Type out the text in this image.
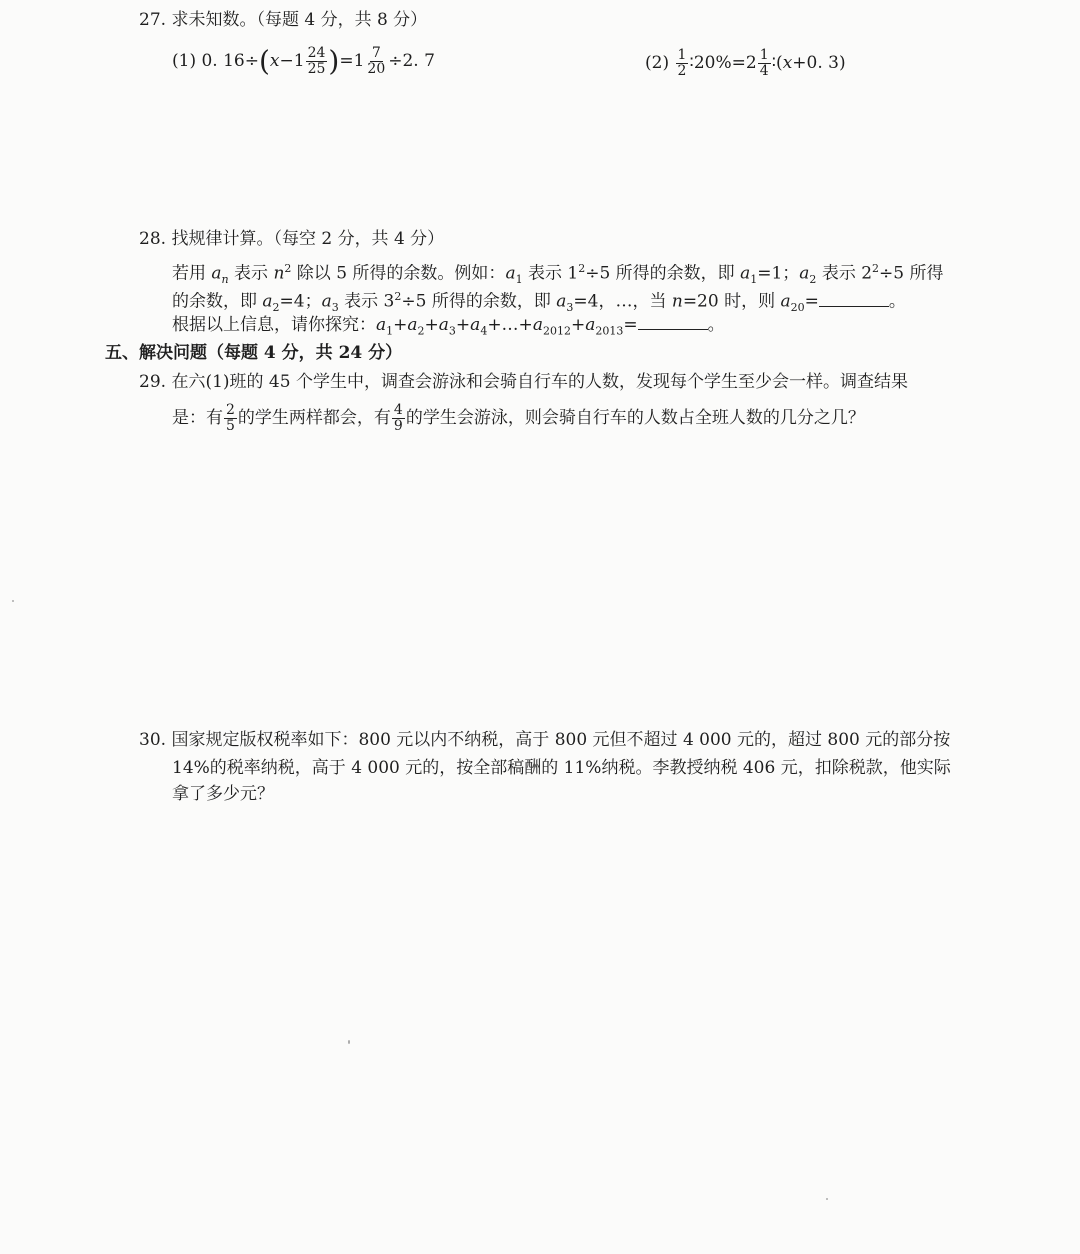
27. 求未知数。（每题 4 分，共 8 分）
(1) 0. $16\div(x-1 \frac{24}{25} )=1 \frac{7}{20} \div 2$. 7	$(2) \frac{1}{2}$ ∶20%=2 $\frac{1}{4}$ ∶(x+0. 3)
28. 找规律计算。（每空 2 分，共 4 分）
若用 $a_n$ 表示 $n^2$ 除以 5 所得的余数。例如：$a_1$ 表示 $1^2\div 5$ 所得的余数，即 $a_1=1$；$a_2$ 表示 $2^2\div 5$ 所得
的余数，即 $a_2=4$；$a_3$ 表示 $3^2\div 5$ 所得的余数，即 $a_3=4$，…，当 n=20 时，则 $a_{20}=$	。
根据以上信息，请你探究：$a_1+a_2+a_3+a_4+\dots+a_{2012}+a_{2013}=$	。
五、解决问题（每题 4 分，共 24 分）
29. 在六(1)班的 45 个学生中，调查会游泳和会骑自行车的人数，发现每个学生至少会一样。调查结果
是：有 $\frac{2}{5}$ 的学生两样都会，有 $\frac{4}{9}$ 的学生会游泳，则会骑自行车的人数占全班人数的几分之几？
30. 国家规定版权税率如下：800 元以内不纳税，高于 800 元但不超过 4 000 元的，超过 800 元的部分按
14%的税率纳税，高于 4 000 元的，按全部稿酬的 11%纳税。李教授纳税 406 元，扣除税款，他实际
拿了多少元？
